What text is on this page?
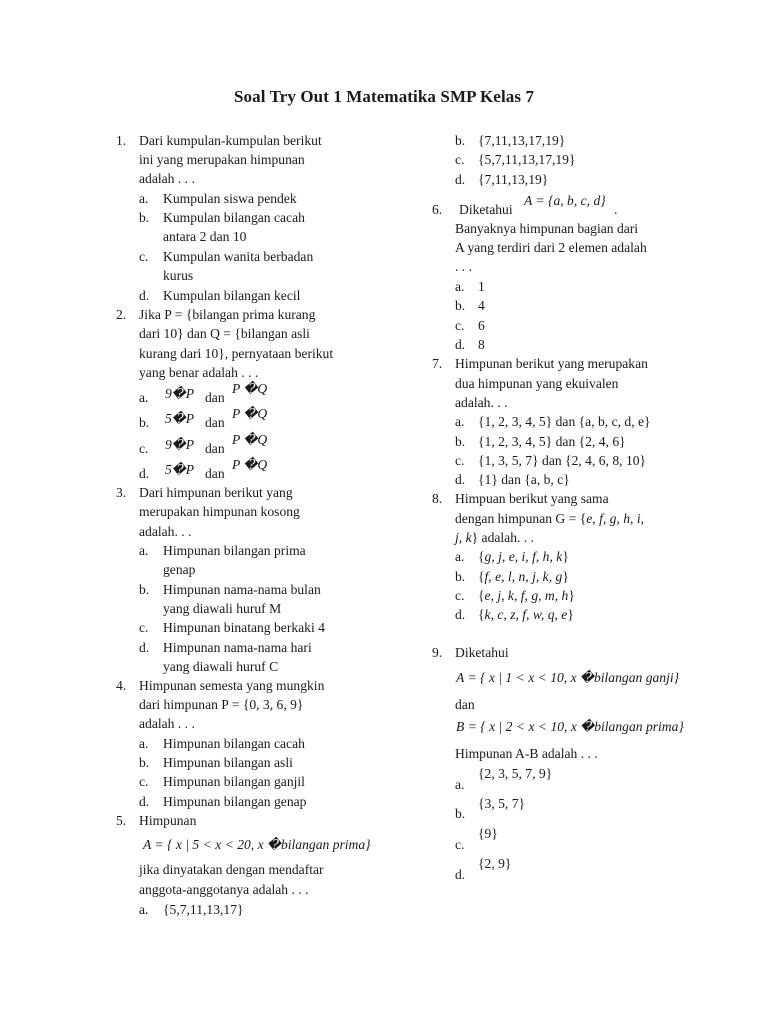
Soal Try Out 1 Matematika SMP Kelas 7
1. Dari kumpulan-kumpulan berikut
ini yang merupakan himpunan
adalah . . .
a. Kumpulan siswa pendek
b. Kumpulan bilangan cacah
antara 2 dan 10
c. Kumpulan wanita berbadan
kurus
d. Kumpulan bilangan kecil
2. Jika P = {bilangan prima kurang
dari 10} dan Q = {bilangan asli
kurang dari 10}, pernyataan berikut
yang benar adalah . . .
a. 9�P dan
P �Q
b. 5�P dan
P �Q
c. 9�P dan
P �Q
d. 5�P dan
P �Q
3. Dari himpunan berikut yang
merupakan himpunan kosong
adalah. . .
a. Himpunan bilangan prima
genap
b. Himpunan nama-nama bulan
yang diawali huruf M
c. Himpunan binatang berkaki 4
d. Himpunan nama-nama hari
yang diawali huruf C
4. Himpunan semesta yang mungkin
dari himpunan P = {0, 3, 6, 9}
adalah . . .
a. Himpunan bilangan cacah
b. Himpunan bilangan asli
c. Himpunan bilangan ganjil
d. Himpunan bilangan genap
5. Himpunan
A = { x | 5 < x < 20, x �bilangan prima}
jika dinyatakan dengan mendaftar
anggota-anggotanya adalah . . .
a. {5,7,11,13,17}
b. {7,11,13,17,19}
c. {5,7,11,13,17,19}
d. {7,11,13,19}
6. Diketahui
A = {a, b, c, d}
.
Banyaknya himpunan bagian dari
A yang terdiri dari 2 elemen adalah
. . .
a. 1
b. 4
c. 6
d. 8
7. Himpunan berikut yang merupakan
dua himpunan yang ekuivalen
adalah. . .
a. {1, 2, 3, 4, 5} dan {a, b, c, d, e}
b. {1, 2, 3, 4, 5} dan {2, 4, 6}
c. {1, 3, 5, 7} dan {2, 4, 6, 8, 10}
d. {1} dan {a, b, c}
8. Himpuan berikut yang sama
dengan himpunan G = {e, f, g, h, i,
j, k} adalah. . .
a. {g, j, e, i, f, h, k}
b. {f, e, l, n, j, k, g}
c. {e, j, k, f, g, m, h}
d. {k, c, z, f, w, q, e}
9. Diketahui
A = { x | 1 < x < 10, x �bilangan ganji}
dan
B = { x | 2 < x < 10, x �bilangan prima}
Himpunan A-B adalah . . .
a.
{2, 3, 5, 7, 9}
b.
{3, 5, 7}
c.
{9}
d.
{2, 9}
